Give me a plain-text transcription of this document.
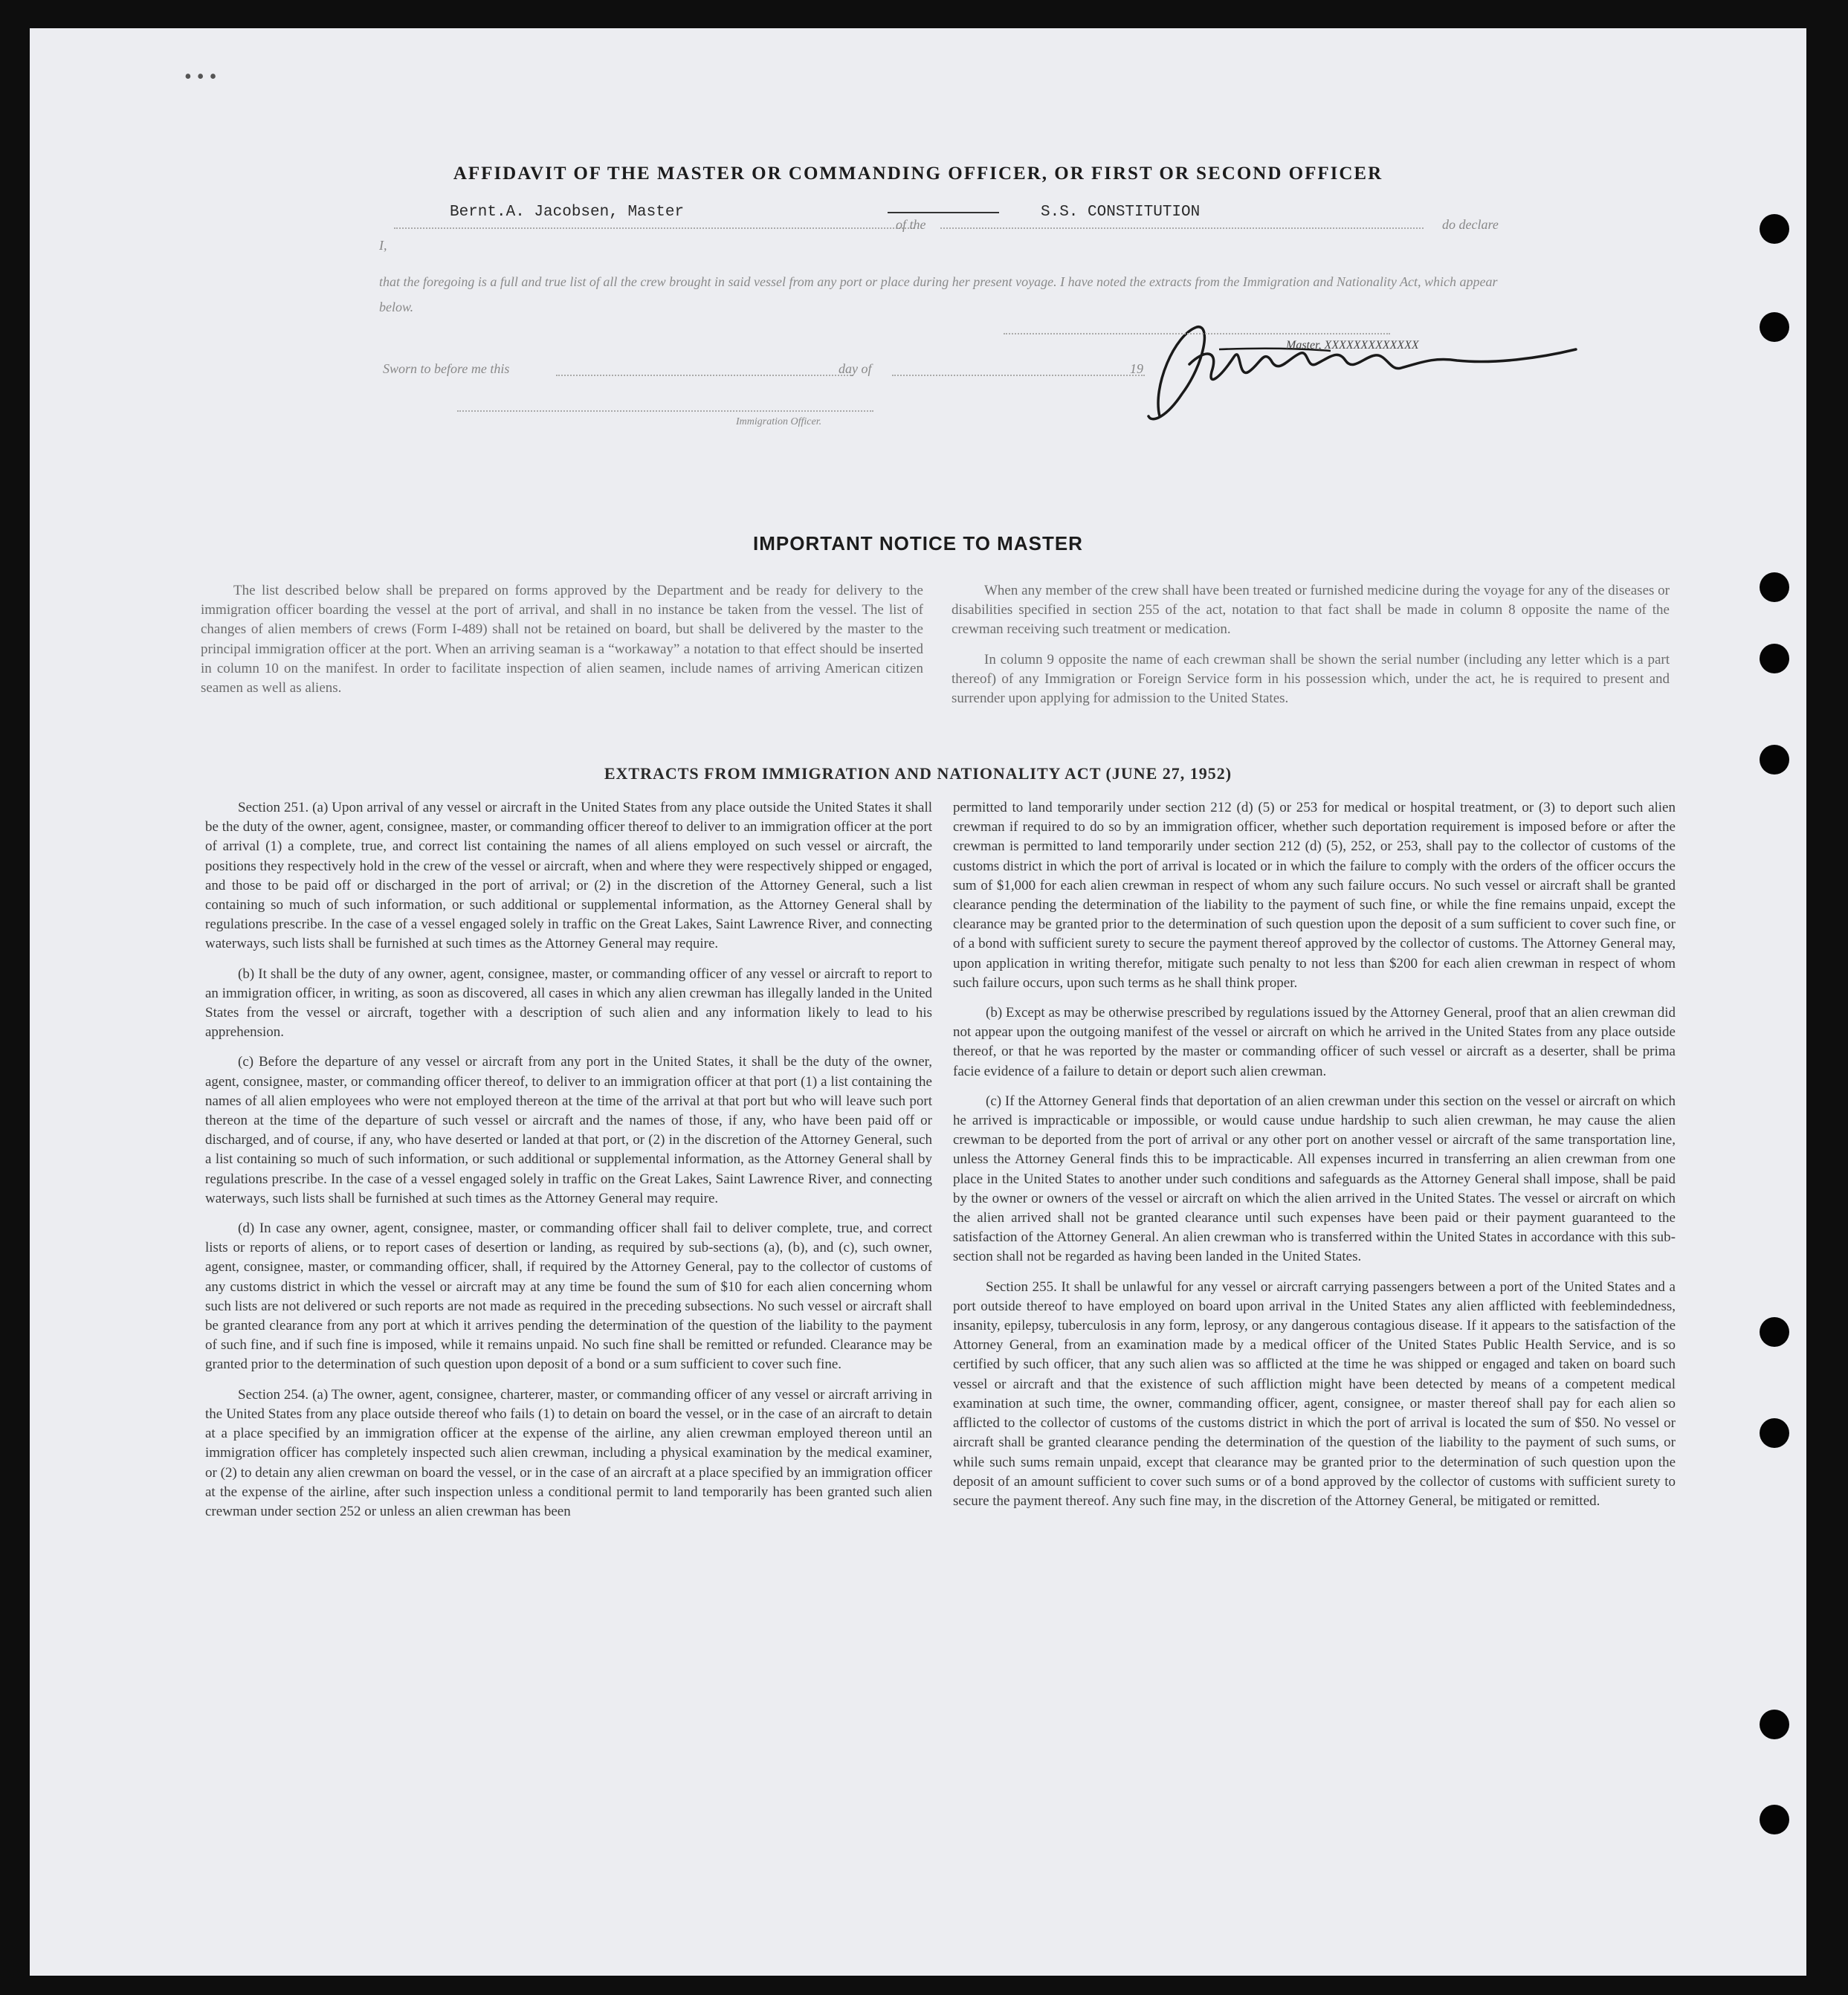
• • •
AFFIDAVIT OF THE MASTER OR COMMANDING OFFICER, OR FIRST OR SECOND OFFICER
I,
Bernt.A. Jacobsen, Master
of the
S.S. CONSTITUTION
do declare
that the foregoing is a full and true list of all the crew brought in said vessel from any port or place during her present voyage. I have noted the extracts from the Immigration and Nationality Act, which appear below.
Master, XXXXXXXXXXXXX
Sworn to before me this	day of	19
Immigration Officer.
IMPORTANT NOTICE TO MASTER

The list described below shall be prepared on forms approved by the Department and be ready for delivery to the immigration officer boarding the vessel at the port of arrival, and shall in no instance be taken from the vessel. The list of changes of alien members of crews (Form I-489) shall not be retained on board, but shall be delivered by the master to the principal immigration officer at the port. When an arriving seaman is a “workaway” a notation to that effect should be inserted in column 10 on the manifest. In order to facilitate inspection of alien seamen, include names of arriving American citizen seamen as well as aliens.

When any member of the crew shall have been treated or furnished medicine during the voyage for any of the diseases or disabilities specified in section 255 of the act, notation to that fact shall be made in column 8 opposite the name of the crewman receiving such treatment or medication.

In column 9 opposite the name of each crewman shall be shown the serial number (including any letter which is a part thereof) of any Immigration or Foreign Service form in his possession which, under the act, he is required to present and surrender upon applying for admission to the United States.

EXTRACTS FROM IMMIGRATION AND NATIONALITY ACT (JUNE 27, 1952)

Section 251. (a) Upon arrival of any vessel or aircraft in the United States from any place outside the United States it shall be the duty of the owner, agent, consignee, master, or commanding officer thereof to deliver to an immigration officer at the port of arrival (1) a complete, true, and correct list containing the names of all aliens employed on such vessel or aircraft, the positions they respectively hold in the crew of the vessel or aircraft, when and where they were respectively shipped or engaged, and those to be paid off or discharged in the port of arrival; or (2) in the discretion of the Attorney General, such a list containing so much of such information, or such additional or supplemental information, as the Attorney General shall by regulations prescribe. In the case of a vessel engaged solely in traffic on the Great Lakes, Saint Lawrence River, and connecting waterways, such lists shall be furnished at such times as the Attorney General may require.

(b) It shall be the duty of any owner, agent, consignee, master, or commanding officer of any vessel or aircraft to report to an immigration officer, in writing, as soon as discovered, all cases in which any alien crewman has illegally landed in the United States from the vessel or aircraft, together with a description of such alien and any information likely to lead to his apprehension.

(c) Before the departure of any vessel or aircraft from any port in the United States, it shall be the duty of the owner, agent, consignee, master, or commanding officer thereof, to deliver to an immigration officer at that port (1) a list containing the names of all alien employees who were not employed thereon at the time of the arrival at that port but who will leave such port thereon at the time of the departure of such vessel or aircraft and the names of those, if any, who have been paid off or discharged, and of course, if any, who have deserted or landed at that port, or (2) in the discretion of the Attorney General, such a list containing so much of such information, or such additional or supplemental information, as the Attorney General shall by regulations prescribe. In the case of a vessel engaged solely in traffic on the Great Lakes, Saint Lawrence River, and connecting waterways, such lists shall be furnished at such times as the Attorney General may require.

(d) In case any owner, agent, consignee, master, or commanding officer shall fail to deliver complete, true, and correct lists or reports of aliens, or to report cases of desertion or landing, as required by sub-sections (a), (b), and (c), such owner, agent, consignee, master, or commanding officer, shall, if required by the Attorney General, pay to the collector of customs of any customs district in which the vessel or aircraft may at any time be found the sum of $10 for each alien concerning whom such lists are not delivered or such reports are not made as required in the preceding subsections. No such vessel or aircraft shall be granted clearance from any port at which it arrives pending the determination of the question of the liability to the payment of such fine, and if such fine is imposed, while it remains unpaid. No such fine shall be remitted or refunded. Clearance may be granted prior to the determination of such question upon deposit of a bond or a sum sufficient to cover such fine.

Section 254. (a) The owner, agent, consignee, charterer, master, or commanding officer of any vessel or aircraft arriving in the United States from any place outside thereof who fails (1) to detain on board the vessel, or in the case of an aircraft to detain at a place specified by an immigration officer at the expense of the airline, any alien crewman employed thereon until an immigration officer has completely inspected such alien crewman, including a physical examination by the medical examiner, or (2) to detain any alien crewman on board the vessel, or in the case of an aircraft at a place specified by an immigration officer at the expense of the airline, after such inspection unless a conditional permit to land temporarily has been granted such alien crewman under section 252 or unless an alien crewman has been

permitted to land temporarily under section 212 (d) (5) or 253 for medical or hospital treatment, or (3) to deport such alien crewman if required to do so by an immigration officer, whether such deportation requirement is imposed before or after the crewman is permitted to land temporarily under section 212 (d) (5), 252, or 253, shall pay to the collector of customs of the customs district in which the port of arrival is located or in which the failure to comply with the orders of the officer occurs the sum of $1,000 for each alien crewman in respect of whom any such failure occurs. No such vessel or aircraft shall be granted clearance pending the determination of the liability to the payment of such fine, or while the fine remains unpaid, except the clearance may be granted prior to the determination of such question upon the deposit of a sum sufficient to cover such fine, or of a bond with sufficient surety to secure the payment thereof approved by the collector of customs. The Attorney General may, upon application in writing therefor, mitigate such penalty to not less than $200 for each alien crewman in respect of whom such failure occurs, upon such terms as he shall think proper.

(b) Except as may be otherwise prescribed by regulations issued by the Attorney General, proof that an alien crewman did not appear upon the outgoing manifest of the vessel or aircraft on which he arrived in the United States from any place outside thereof, or that he was reported by the master or commanding officer of such vessel or aircraft as a deserter, shall be prima facie evidence of a failure to detain or deport such alien crewman.

(c) If the Attorney General finds that deportation of an alien crewman under this section on the vessel or aircraft on which he arrived is impracticable or impossible, or would cause undue hardship to such alien crewman, he may cause the alien crewman to be deported from the port of arrival or any other port on another vessel or aircraft of the same transportation line, unless the Attorney General finds this to be impracticable. All expenses incurred in transferring an alien crewman from one place in the United States to another under such conditions and safeguards as the Attorney General shall impose, shall be paid by the owner or owners of the vessel or aircraft on which the alien arrived in the United States. The vessel or aircraft on which the alien arrived shall not be granted clearance until such expenses have been paid or their payment guaranteed to the satisfaction of the Attorney General. An alien crewman who is transferred within the United States in accordance with this sub-section shall not be regarded as having been landed in the United States.

Section 255. It shall be unlawful for any vessel or aircraft carrying passengers between a port of the United States and a port outside thereof to have employed on board upon arrival in the United States any alien afflicted with feeblemindedness, insanity, epilepsy, tuberculosis in any form, leprosy, or any dangerous contagious disease. If it appears to the satisfaction of the Attorney General, from an examination made by a medical officer of the United States Public Health Service, and is so certified by such officer, that any such alien was so afflicted at the time he was shipped or engaged and taken on board such vessel or aircraft and that the existence of such affliction might have been detected by means of a competent medical examination at such time, the owner, commanding officer, agent, consignee, or master thereof shall pay for each alien so afflicted to the collector of customs of the customs district in which the port of arrival is located the sum of $50. No vessel or aircraft shall be granted clearance pending the determination of the question of the liability to the payment of such sums, or while such sums remain unpaid, except that clearance may be granted prior to the determination of such question upon the deposit of an amount sufficient to cover such sums or of a bond approved by the collector of customs with sufficient surety to secure the payment thereof. Any such fine may, in the discretion of the Attorney General, be mitigated or remitted.
